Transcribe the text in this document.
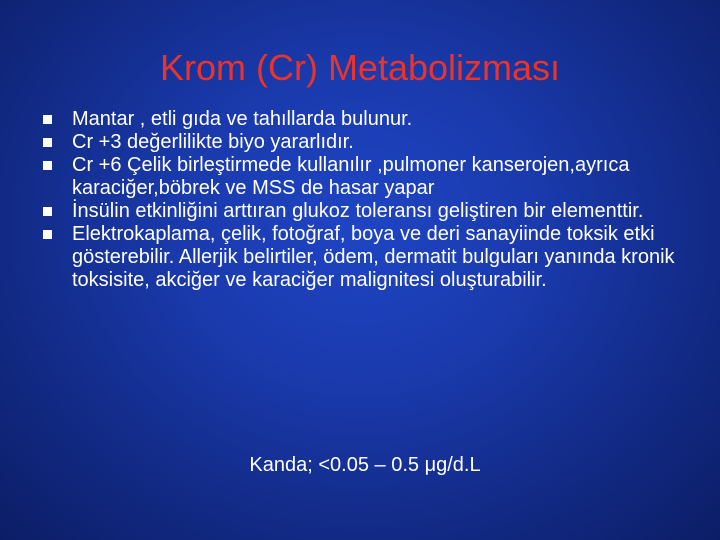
Krom (Cr) Metabolizması
Mantar , etli gıda ve tahıllarda bulunur.
Cr +3 değerlilikte biyo yararlıdır.
Cr +6 Çelik birleştirmede kullanılır ,pulmoner kanserojen,ayrıca karaciğer,böbrek ve MSS de hasar yapar
İnsülin etkinliğini arttıran glukoz toleransı geliştiren bir elementtir.
Elektrokaplama, çelik, fotoğraf, boya ve deri sanayiinde toksik etki gösterebilir. Allerjik belirtiler, ödem, dermatit bulguları yanında kronik toksisite, akciğer ve karaciğer malignitesi oluşturabilir.
Kanda; <0.05 – 0.5 μg/d.L
